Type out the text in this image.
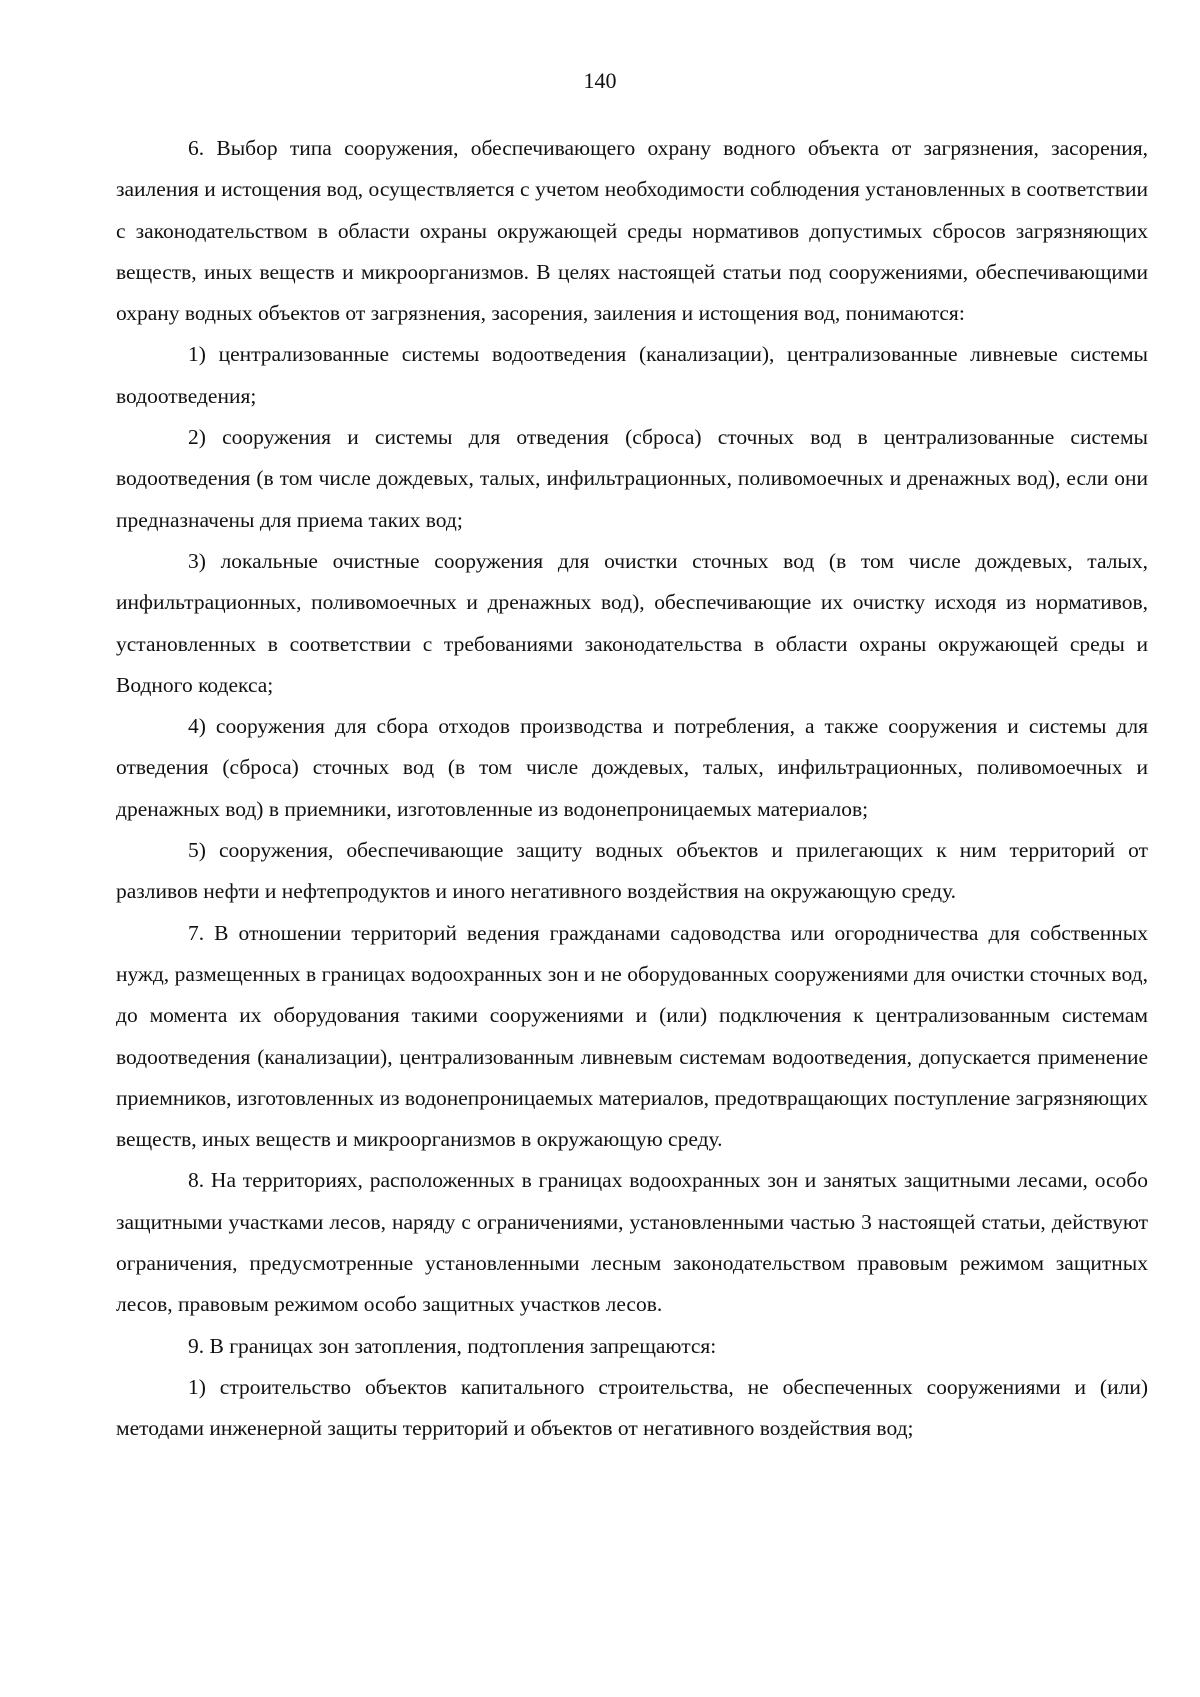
140

6. Выбор типа сооружения, обеспечивающего охрану водного объекта от загрязнения, засорения, заиления и истощения вод, осуществляется с учетом необходимости соблюдения установленных в соответствии с законодательством в области охраны окружающей среды нормативов допустимых сбросов загрязняющих веществ, иных веществ и микроорганизмов. В целях настоящей статьи под сооружениями, обеспечивающими охрану водных объектов от загрязнения, засорения, заиления и истощения вод, понимаются:

1) централизованные системы водоотведения (канализации), централизованные ливневые системы водоотведения;

2) сооружения и системы для отведения (сброса) сточных вод в централизованные системы водоотведения (в том числе дождевых, талых, инфильтрационных, поливомоечных и дренажных вод), если они предназначены для приема таких вод;

3) локальные очистные сооружения для очистки сточных вод (в том числе дождевых, талых, инфильтрационных, поливомоечных и дренажных вод), обеспечивающие их очистку исходя из нормативов, установленных в соответствии с требованиями законодательства в области охраны окружающей среды и Водного кодекса;

4) сооружения для сбора отходов производства и потребления, а также сооружения и системы для отведения (сброса) сточных вод (в том числе дождевых, талых, инфильтрационных, поливомоечных и дренажных вод) в приемники, изготовленные из водонепроницаемых материалов;

5) сооружения, обеспечивающие защиту водных объектов и прилегающих к ним территорий от разливов нефти и нефтепродуктов и иного негативного воздействия на окружающую среду.

7. В отношении территорий ведения гражданами садоводства или огородничества для собственных нужд, размещенных в границах водоохранных зон и не оборудованных сооружениями для очистки сточных вод, до момента их оборудования такими сооружениями и (или) подключения к централизованным системам водоотведения (канализации), централизованным ливневым системам водоотведения, допускается применение приемников, изготовленных из водонепроницаемых материалов, предотвращающих поступление загрязняющих веществ, иных веществ и микроорганизмов в окружающую среду.

8. На территориях, расположенных в границах водоохранных зон и занятых защитными лесами, особо защитными участками лесов, наряду с ограничениями, установленными частью 3 настоящей статьи, действуют ограничения, предусмотренные установленными лесным законодательством правовым режимом защитных лесов, правовым режимом особо защитных участков лесов.

9. В границах зон затопления, подтопления запрещаются:

1) строительство объектов капитального строительства, не обеспеченных сооружениями и (или) методами инженерной защиты территорий и объектов от негативного воздействия вод;
